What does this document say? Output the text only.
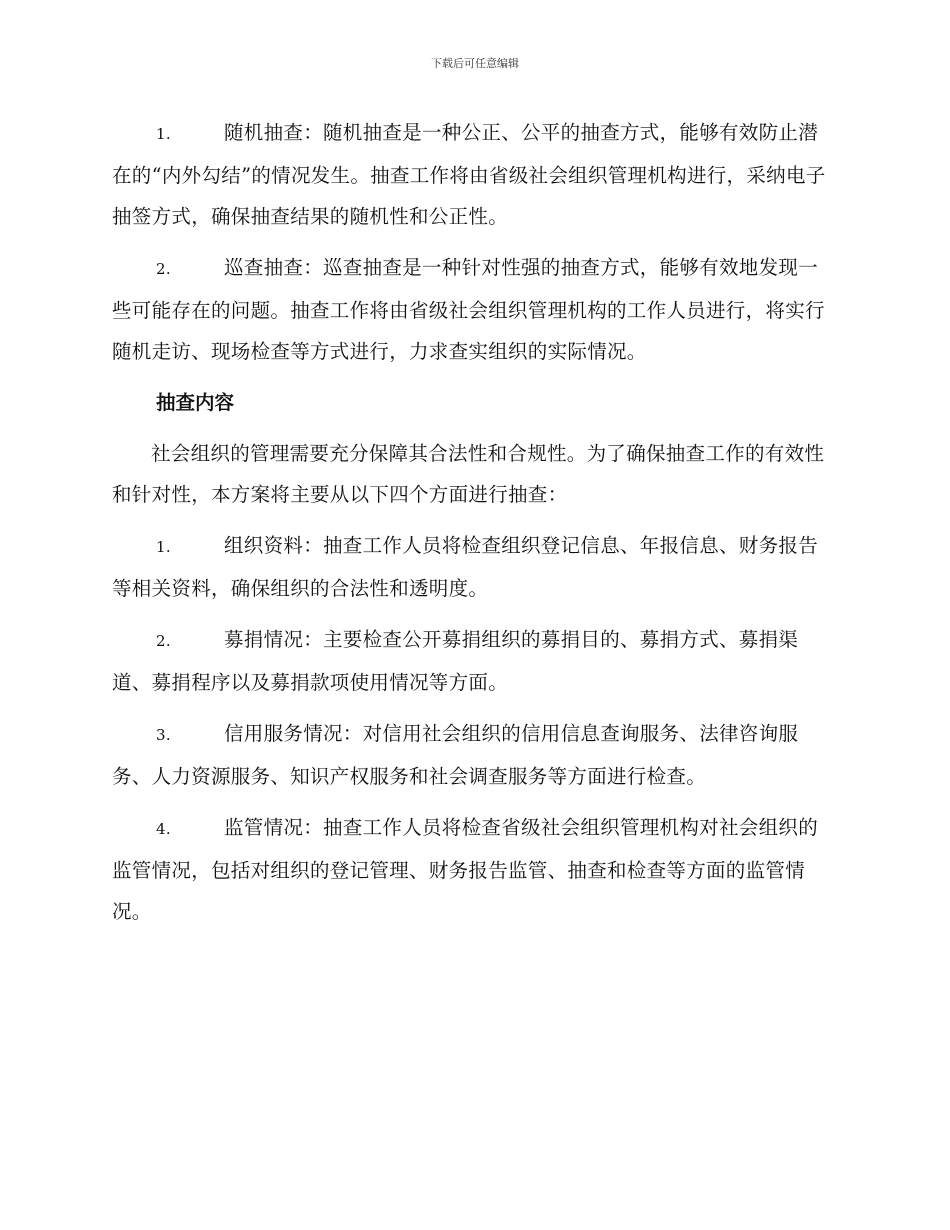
下载后可任意编辑

1.	随机抽查：随机抽查是一种公正、公平的抽查方式，能够有效防止潜在的“内外勾结”的情况发生。抽查工作将由省级社会组织管理机构进行，采纳电子抽签方式，确保抽查结果的随机性和公正性。

2.	巡查抽查：巡查抽查是一种针对性强的抽查方式，能够有效地发现一些可能存在的问题。抽查工作将由省级社会组织管理机构的工作人员进行，将实行随机走访、现场检查等方式进行，力求查实组织的实际情况。

抽查内容

社会组织的管理需要充分保障其合法性和合规性。为了确保抽查工作的有效性和针对性，本方案将主要从以下四个方面进行抽查：

1.	组织资料：抽查工作人员将检查组织登记信息、年报信息、财务报告等相关资料，确保组织的合法性和透明度。

2.	募捐情况：主要检查公开募捐组织的募捐目的、募捐方式、募捐渠道、募捐程序以及募捐款项使用情况等方面。

3.	信用服务情况：对信用社会组织的信用信息查询服务、法律咨询服务、人力资源服务、知识产权服务和社会调查服务等方面进行检查。

4.	监管情况：抽查工作人员将检查省级社会组织管理机构对社会组织的监管情况，包括对组织的登记管理、财务报告监管、抽查和检查等方面的监管情况。
